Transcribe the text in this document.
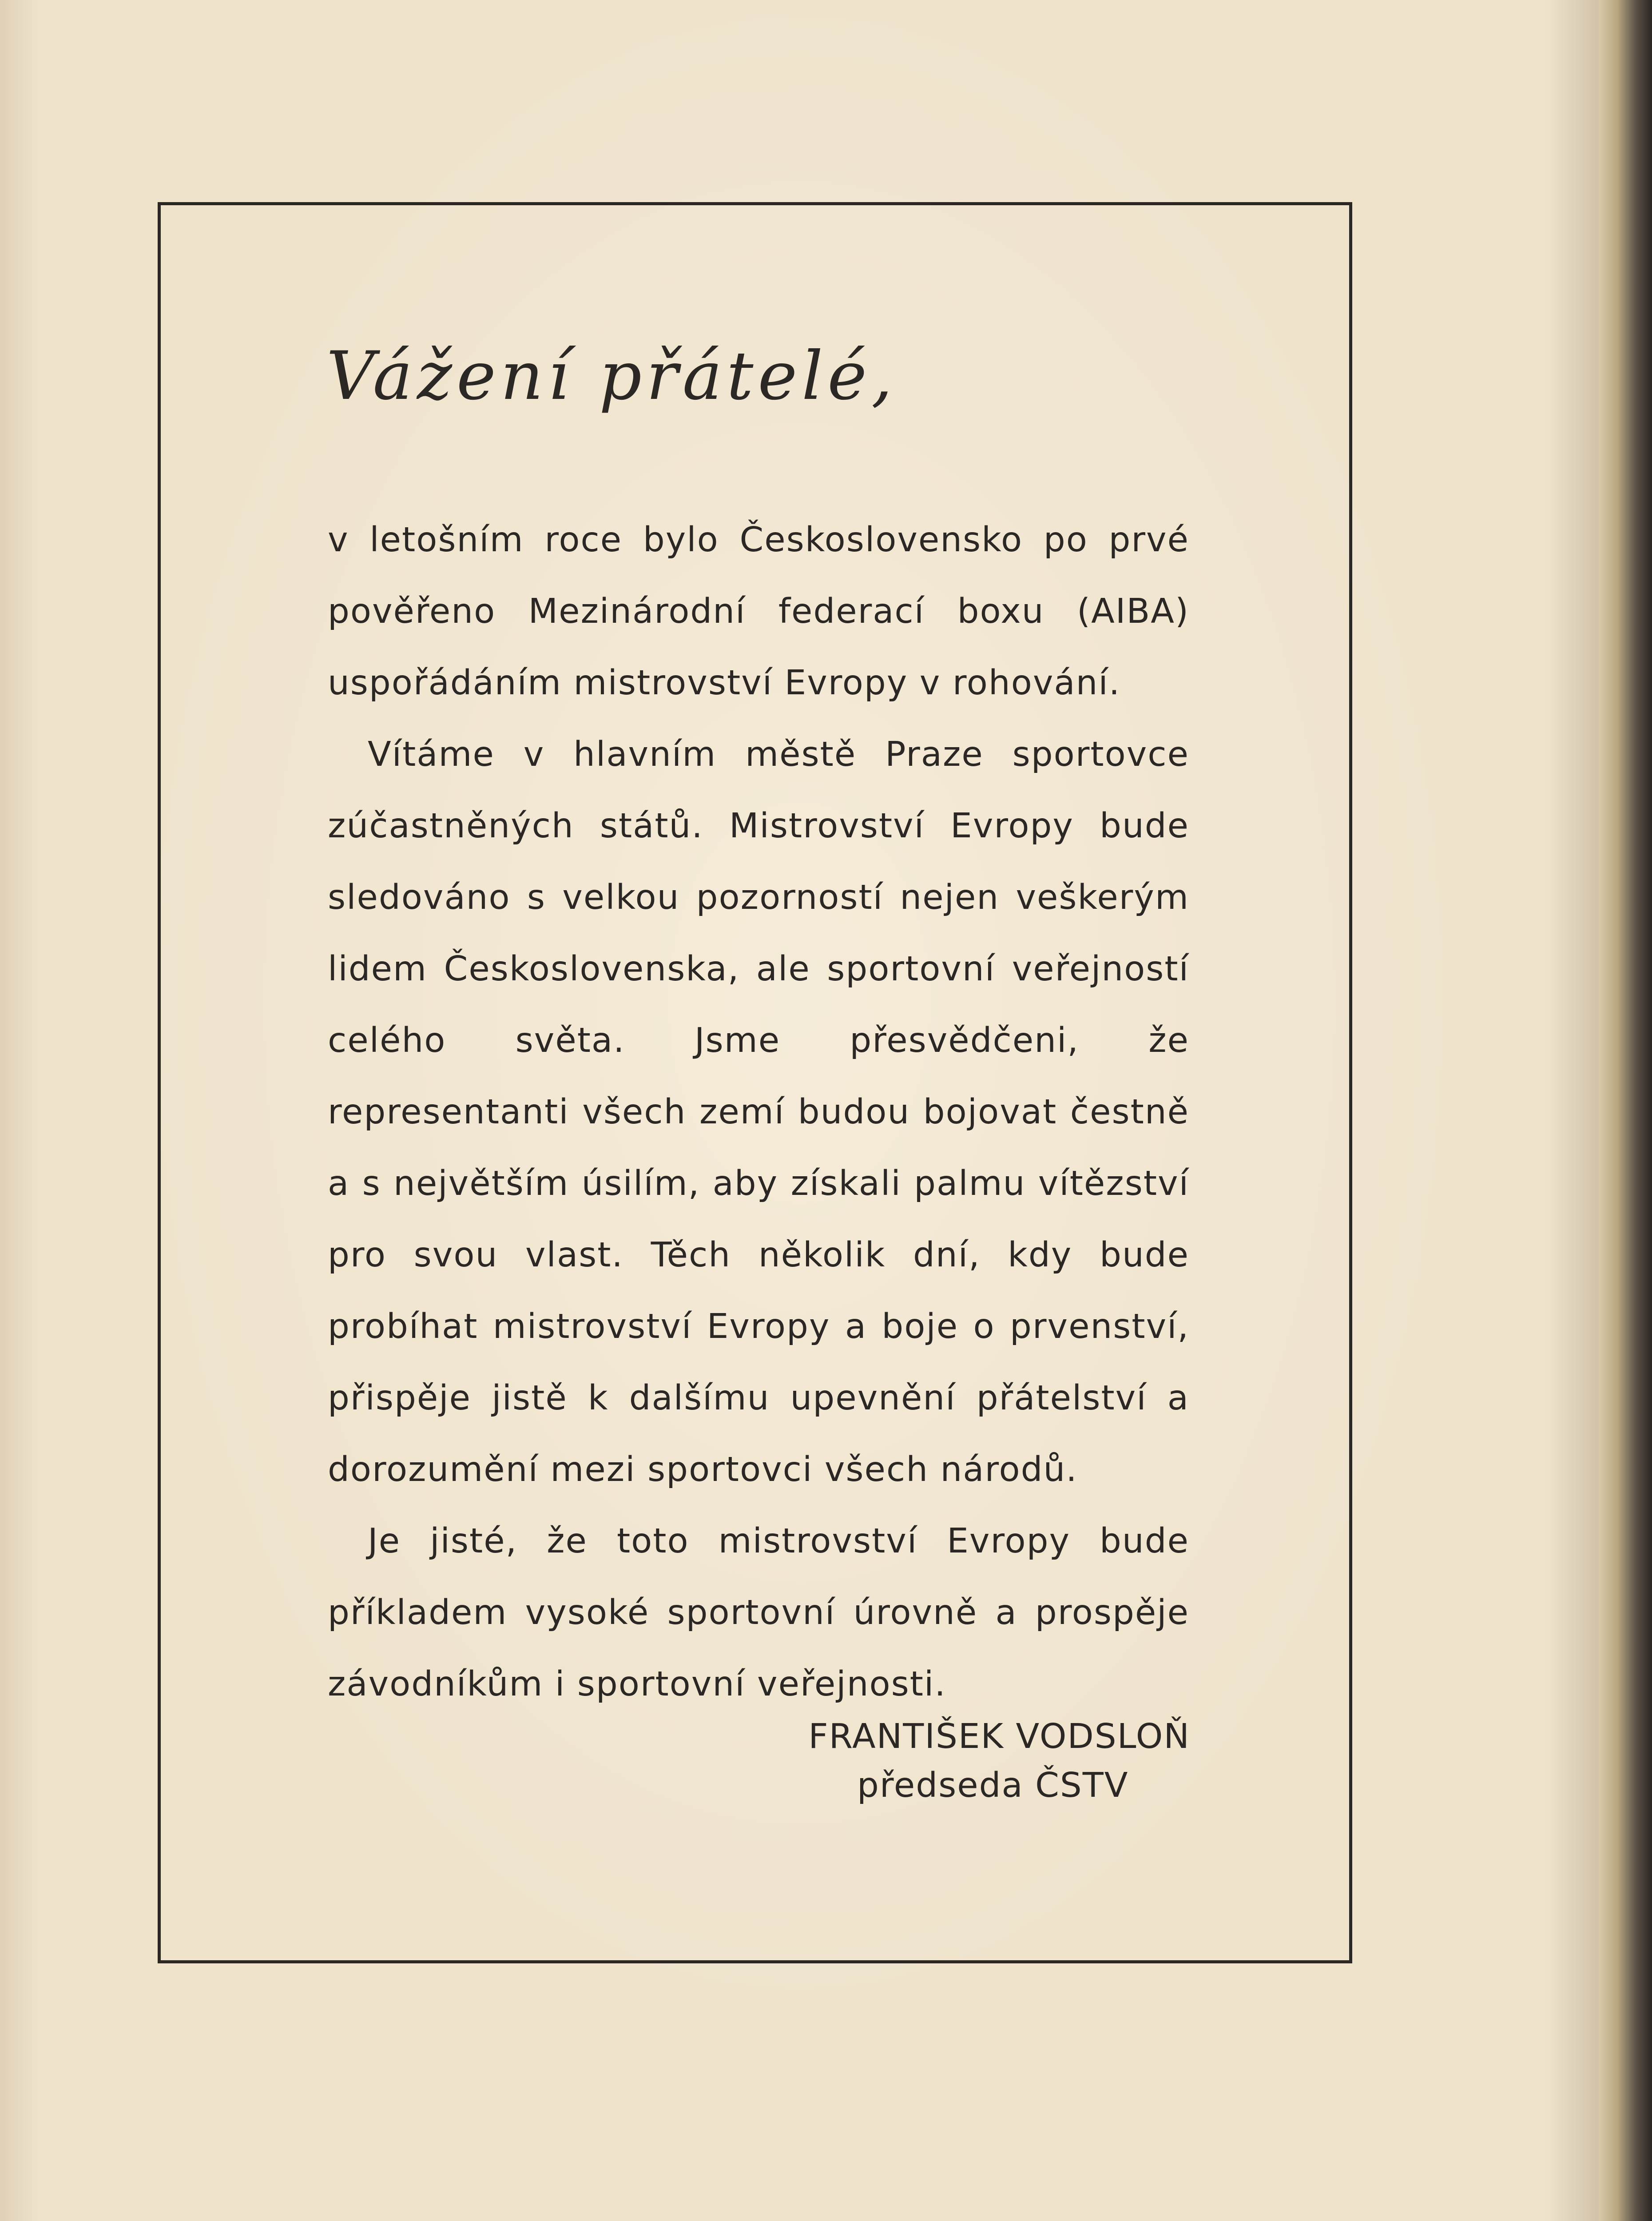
Vážení přátelé,

v letošním roce bylo Československo po prvé pověřeno Mezinárodní federací boxu (AIBA) uspořádáním mistrovství Evropy v rohování.

Vítáme v hlavním městě Praze sportovce zúčastněných států. Mistrovství Evropy bude sledováno s velkou pozorností nejen veškerým lidem Československa, ale sportovní veřejností celého světa. Jsme přesvědčeni, že representanti všech zemí budou bojovat čestně a s největším úsilím, aby získali palmu vítězství pro svou vlast. Těch několik dní, kdy bude probíhat mistrovství Evropy a boje o prvenství, přispěje jistě k dalšímu upevnění přátelství a dorozumění mezi sportovci všech národů.

Je jisté, že toto mistrovství Evropy bude příkladem vysoké sportovní úrovně a prospěje závodníkům i sportovní veřejnosti.

FRANTIŠEK VODSLOŇ
předseda ČSTV
